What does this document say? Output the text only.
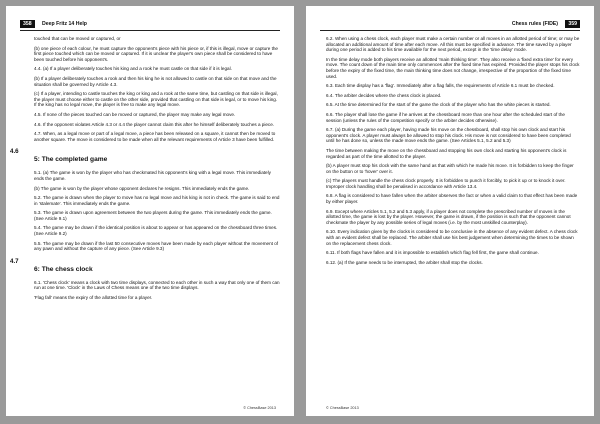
358	Deep Fritz 14 Help

touched that can be moved or captured, or

(b) one piece of each colour, he must capture the opponent's piece with his piece or, if this is illegal, move or capture the first piece touched which can be moved or captured. If it is unclear the player's own piece shall be considered to have been touched before his opponent's.

4.4. (a) If a player deliberately touches his king and a rook he must castle on that side if it is legal.

(b) If a player deliberately touches a rook and then his king he is not allowed to castle on that side on that move and the situation shall be governed by Article 4.3.

(c) If a player, intending to castle touches the king or king and a rook at the same time, but castling on that side is illegal, the player must choose either to castle on the other side, provided that castling on that side is legal, or to move his king. If the king has no legal move, the player is free to make any legal move.

4.5. If none of the pieces touched can be moved or captured, the player may make any legal move.

4.6. If the opponent violates Article 4.3 or 4.4 the player cannot claim this after he himself deliberately touches a piece.

4.7. When, as a legal move or part of a legal move, a piece has been released on a square, it cannot then be moved to another square. The move is considered to be made when all the relevant requirements of Article 3 have been fulfilled.

4.6
5: The completed game

5.1. (a) The game is won by the player who has checkmated his opponent's king with a legal move. This immediately ends the game.

(b) The game is won by the player whose opponent declares he resigns. This immediately ends the game.

5.2. The game is drawn when the player to move has no legal move and his king is not in check. The game is said to end in 'stalemate'. This immediately ends the game.

5.3. The game is drawn upon agreement between the two players during the game. This immediately ends the game. (See Article 9.1)

5.4. The game may be drawn if the identical position is about to appear or has appeared on the chessboard three times. (See Article 9.2)

5.5. The game may be drawn if the last 50 consecutive moves have been made by each player without the movement of any pawn and without the capture of any piece. (See Article 9.3)

4.7
6: The chess clock

6.1. 'Chess clock' means a clock with two time displays, connected to each other in such a way that only one of them can run at one time. 'Clock' in the Laws of Chess means one of the two time displays.

'Flag fall' means the expiry of the allotted time for a player.

© ChessBase 2013
Chess rules (FIDE)	359

6.2. When using a chess clock, each player must make a certain number or all moves in an allotted period of time; or may be allocated an additional amount of time after each move. All this must be specified in advance. The time saved by a player during one period is added to his time available for the next period, except in the 'time delay' mode.

In the time delay mode both players receive an allotted 'main thinking time'. They also receive a 'fixed extra time' for every move. The count down of the main time only commences after the fixed time has expired. Provided the player stops his clock before the expiry of the fixed time, the main thinking time does not change, irrespective of the proportion of the fixed time used.

6.3. Each time display has a 'flag'. Immediately after a flag falls, the requirements of Article 6.1 must be checked.

6.4. The arbiter decides where the chess clock is placed.

6.5. At the time determined for the start of the game the clock of the player who has the white pieces is started.

6.6. The player shall lose the game if he arrives at the chessboard more than one hour after the scheduled start of the session (unless the rules of the competition specify or the arbiter decides otherwise).

6.7. (a) During the game each player, having made his move on the chessboard, shall stop his own clock and start his opponent's clock. A player must always be allowed to stop his clock. His move is not considered to have been completed until he has done so, unless the made move ends the game. (See Articles 5.1, 5.2 and 5.3)

The time between making the move on the chessboard and stopping his own clock and starting his opponent's clock is regarded as part of the time allotted to the player.

(b) A player must stop his clock with the same hand as that with which he made his move. It is forbidden to keep the finger on the button or to 'hover' over it.

(c) The players must handle the chess clock properly. It is forbidden to punch it forcibly, to pick it up or to knock it over. Improper clock handling shall be penalised in accordance with Article 13.4.

6.8. A flag is considered to have fallen when the arbiter observes the fact or when a valid claim to that effect has been made by either player.

6.9. Except where Articles 5.1, 5.2 and 5.3 apply, if a player does not complete the prescribed number of moves in the allotted time, the game is lost by the player. However, the game is drawn, if the position is such that the opponent cannot checkmate the player by any possible series of legal moves (i.e. by the most unskilled counterplay).

6.10. Every indication given by the clocks is considered to be conclusive in the absence of any evident defect. A chess clock with an evident defect shall be replaced. The arbiter shall use his best judgement when determining the times to be shown on the replacement chess clock.

6.11. If both flags have fallen and it is impossible to establish which flag fell first, the game shall continue.

6.12. (a) If the game needs to be interrupted, the arbiter shall stop the clocks.

© ChessBase 2013
